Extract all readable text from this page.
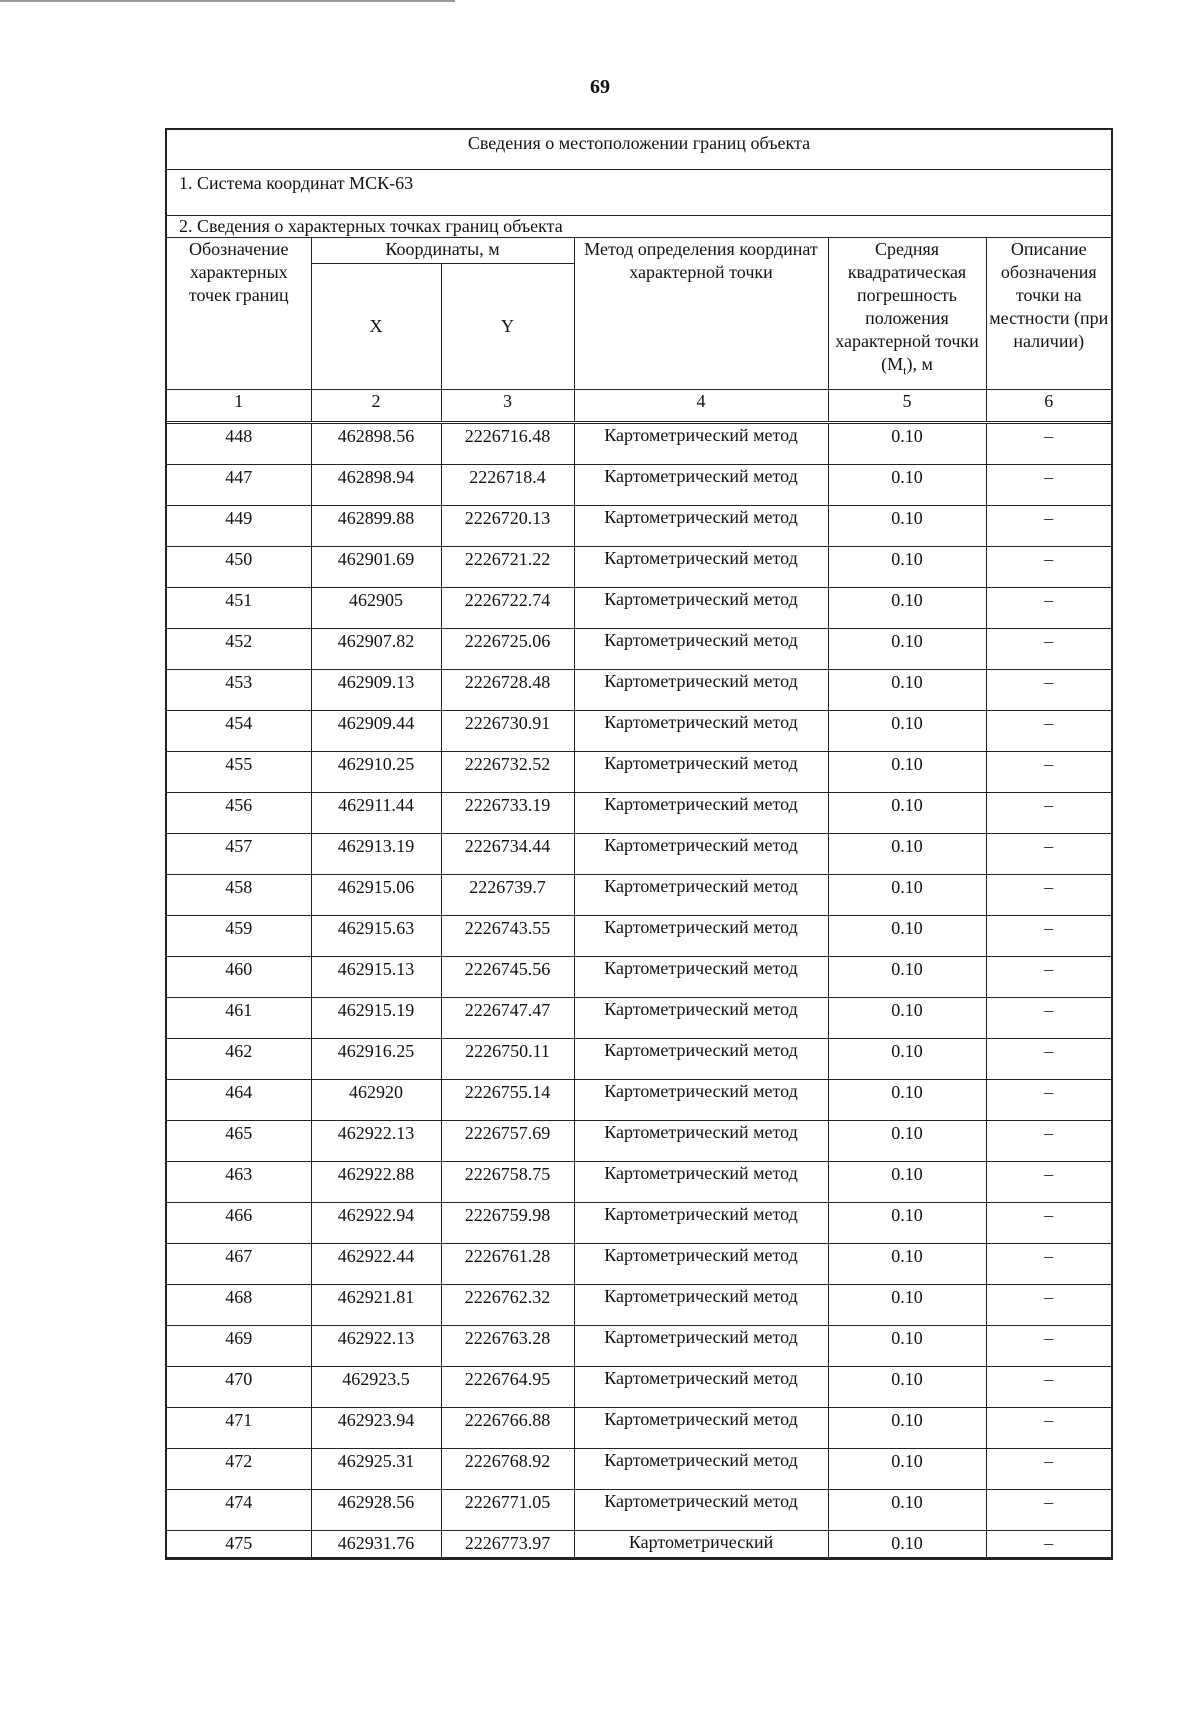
69
Сведения о местоположении границ объекта
1. Система координат МСК-63
2. Сведения о характерных точках границ объекта
Обозначение характерных точек границ	Координаты, м		Метод определения координат характерной точки	Средняя квадратическая погрешность положения характерной точки $(M_t)$, м	Описание обозначения точки на местности (при наличии)
	X	Y			
1	2	3	4	5	6

448	462898.56	2226716.48	Картометрический метод	0.10	–

447	462898.94	2226718.4	Картометрический метод	0.10	–

449	462899.88	2226720.13	Картометрический метод	0.10	–

450	462901.69	2226721.22	Картометрический метод	0.10	–

451	462905	2226722.74	Картометрический метод	0.10	–

452	462907.82	2226725.06	Картометрический метод	0.10	–

453	462909.13	2226728.48	Картометрический метод	0.10	–

454	462909.44	2226730.91	Картометрический метод	0.10	–

455	462910.25	2226732.52	Картометрический метод	0.10	–

456	462911.44	2226733.19	Картометрический метод	0.10	–

457	462913.19	2226734.44	Картометрический метод	0.10	–

458	462915.06	2226739.7	Картометрический метод	0.10	–

459	462915.63	2226743.55	Картометрический метод	0.10	–

460	462915.13	2226745.56	Картометрический метод	0.10	–

461	462915.19	2226747.47	Картометрический метод	0.10	–

462	462916.25	2226750.11	Картометрический метод	0.10	–

464	462920	2226755.14	Картометрический метод	0.10	–

465	462922.13	2226757.69	Картометрический метод	0.10	–

463	462922.88	2226758.75	Картометрический метод	0.10	–

466	462922.94	2226759.98	Картометрический метод	0.10	–

467	462922.44	2226761.28	Картометрический метод	0.10	–

468	462921.81	2226762.32	Картометрический метод	0.10	–

469	462922.13	2226763.28	Картометрический метод	0.10	–

470	462923.5	2226764.95	Картометрический метод	0.10	–

471	462923.94	2226766.88	Картометрический метод	0.10	–

472	462925.31	2226768.92	Картометрический метод	0.10	–

474	462928.56	2226771.05	Картометрический метод	0.10	–

475	462931.76	2226773.97	Картометрический	0.10	–
